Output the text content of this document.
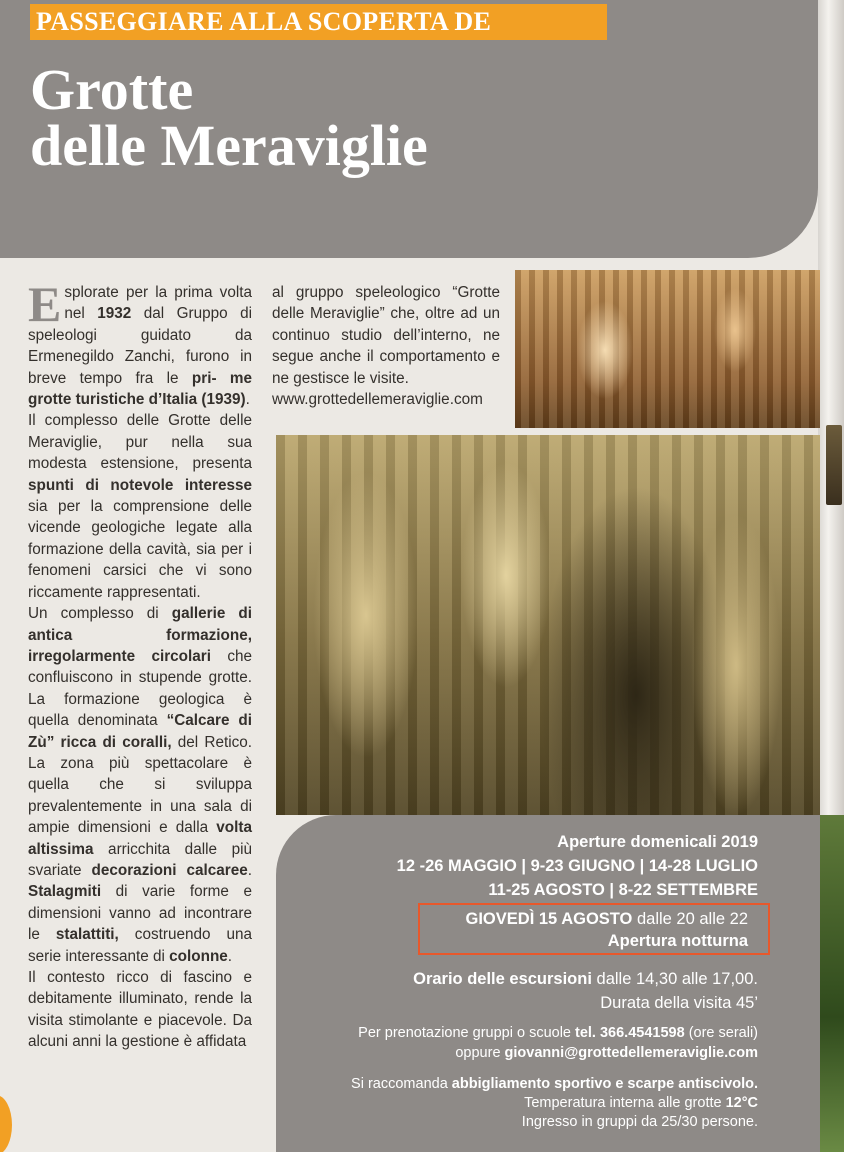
PASSEGGIARE ALLA SCOPERTA DE
Grotte
delle Meraviglie

Esplorate per la prima volta nel 1932 dal Gruppo di speleologi guidato da Ermenegildo Zanchi, furono in breve tempo fra le pri- me grotte turistiche d’Italia (1939).

Il complesso delle Grotte delle Meraviglie, pur nella sua modesta estensione, presenta spunti di notevole interesse sia per la comprensione delle vicende geologiche legate alla formazione della cavità, sia per i fenomeni carsici che vi sono riccamente rappresentati.

Un complesso di gallerie di antica formazione, irregolarmente circolari che confluiscono in stupende grotte. La formazione geologica è quella denominata “Calcare di Zù” ricca di coralli, del Retico. La zona più spettacolare è quella che si sviluppa prevalentemente in una sala di ampie dimensioni e dalla volta altissima arricchita dalle più svariate decorazioni calcaree. Stalagmiti di varie forme e dimensioni vanno ad incontrare le stalattiti, costruendo una serie interessante di colonne.

Il contesto ricco di fascino e debitamente illuminato, rende la visita stimolante e piacevole. Da alcuni anni la gestione è affidata

al gruppo speleologico “Grotte delle Meraviglie” che, oltre ad un continuo studio dell’interno, ne segue anche il comportamento e ne gestisce le visite.

www.grottedellemeraviglie.com

Aperture domenicali 2019
12 -26 MAGGIO | 9-23 GIUGNO | 14-28 LUGLIO
11-25 AGOSTO | 8-22 SETTEMBRE
GIOVEDÌ 15 AGOSTO dalle 20 alle 22
Apertura notturna
Orario delle escursioni dalle 14,30 alle 17,00.
Durata della visita 45’
Per prenotazione gruppi o scuole tel. 366.4541598 (ore serali)
oppure giovanni@grottedellemeraviglie.com
Si raccomanda abbigliamento sportivo e scarpe antiscivolo.
Temperatura interna alle grotte 12°C
Ingresso in gruppi da 25/30 persone.
